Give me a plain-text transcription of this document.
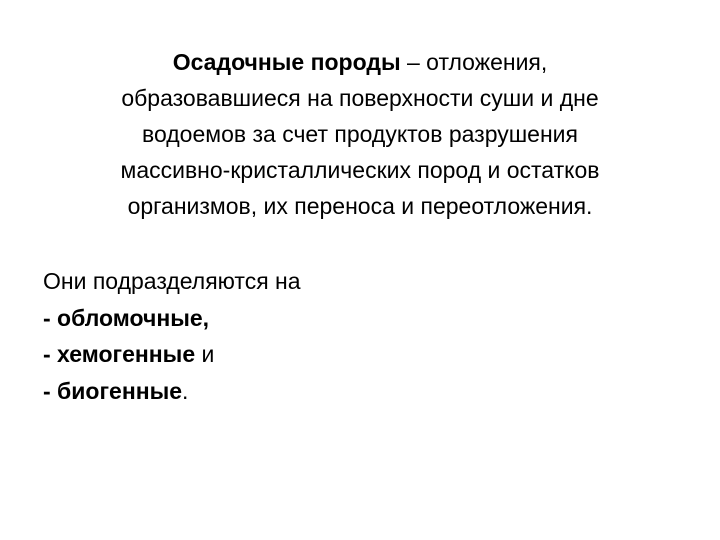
Осадочные породы – отложения,
образовавшиеся на поверхности суши и дне
водоемов за счет продуктов разрушения
массивно-кристаллических пород и остатков
организмов, их переноса и переотложения.
Они подразделяются на
- обломочные,
- хемогенные и
- биогенные.
